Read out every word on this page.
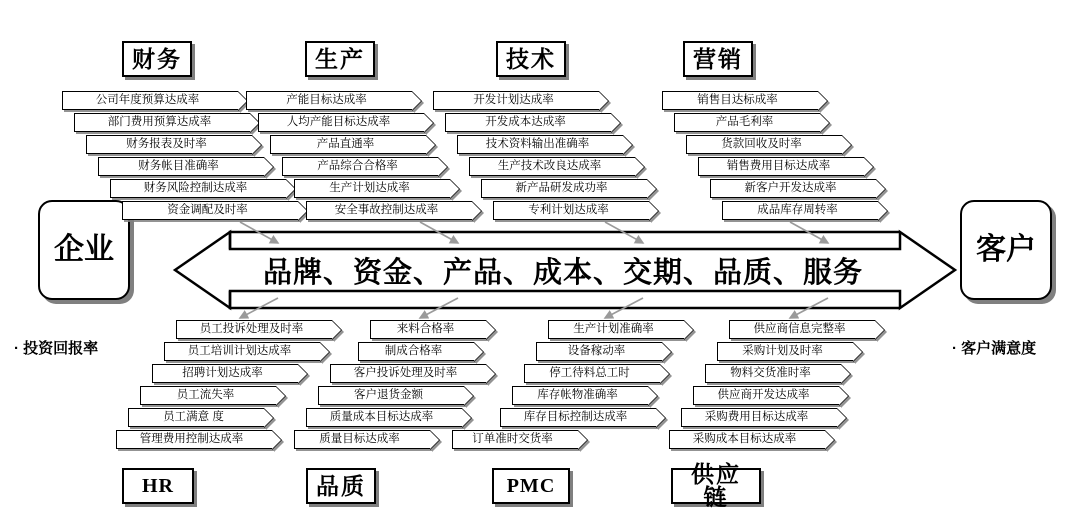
企业
· 投资回报率
客户
· 客户满意度
品牌、资金、产品、成本、交期、品质、服务
财务	生产	技术	营销
HR	品质	PMC	供应链
公司年度预算达成率
部门费用预算达成率
财务报表及时率
财务帐目准确率
财务风险控制达成率
资金调配及时率
产能目标达成率
人均产能目标达成率
产品直通率
产品综合合格率
生产计划达成率
安全事故控制达成率
开发计划达成率
开发成本达成率
技术资料输出准确率
生产技术改良达成率
新产品研发成功率
专利计划达成率
销售目达标成率
产品毛利率
货款回收及时率
销售费用目标达成率
新客户开发达成率
成品库存周转率
员工投诉处理及时率
员工培训计划达成率
招聘计划达成率
员工流失率
员工满意 度
管理费用控制达成率
来料合格率
制成合格率
客户投诉处理及时率
客户退货金额
质量成本目标达成率
质量目标达成率
生产计划准确率
设备稼动率
停工待料总工时
库存帐物准确率
库存目标控制达成率
订单准时交货率
供应商信息完整率
采购计划及时率
物料交货准时率
供应商开发达成率
采购费用目标达成率
采购成本目标达成率
